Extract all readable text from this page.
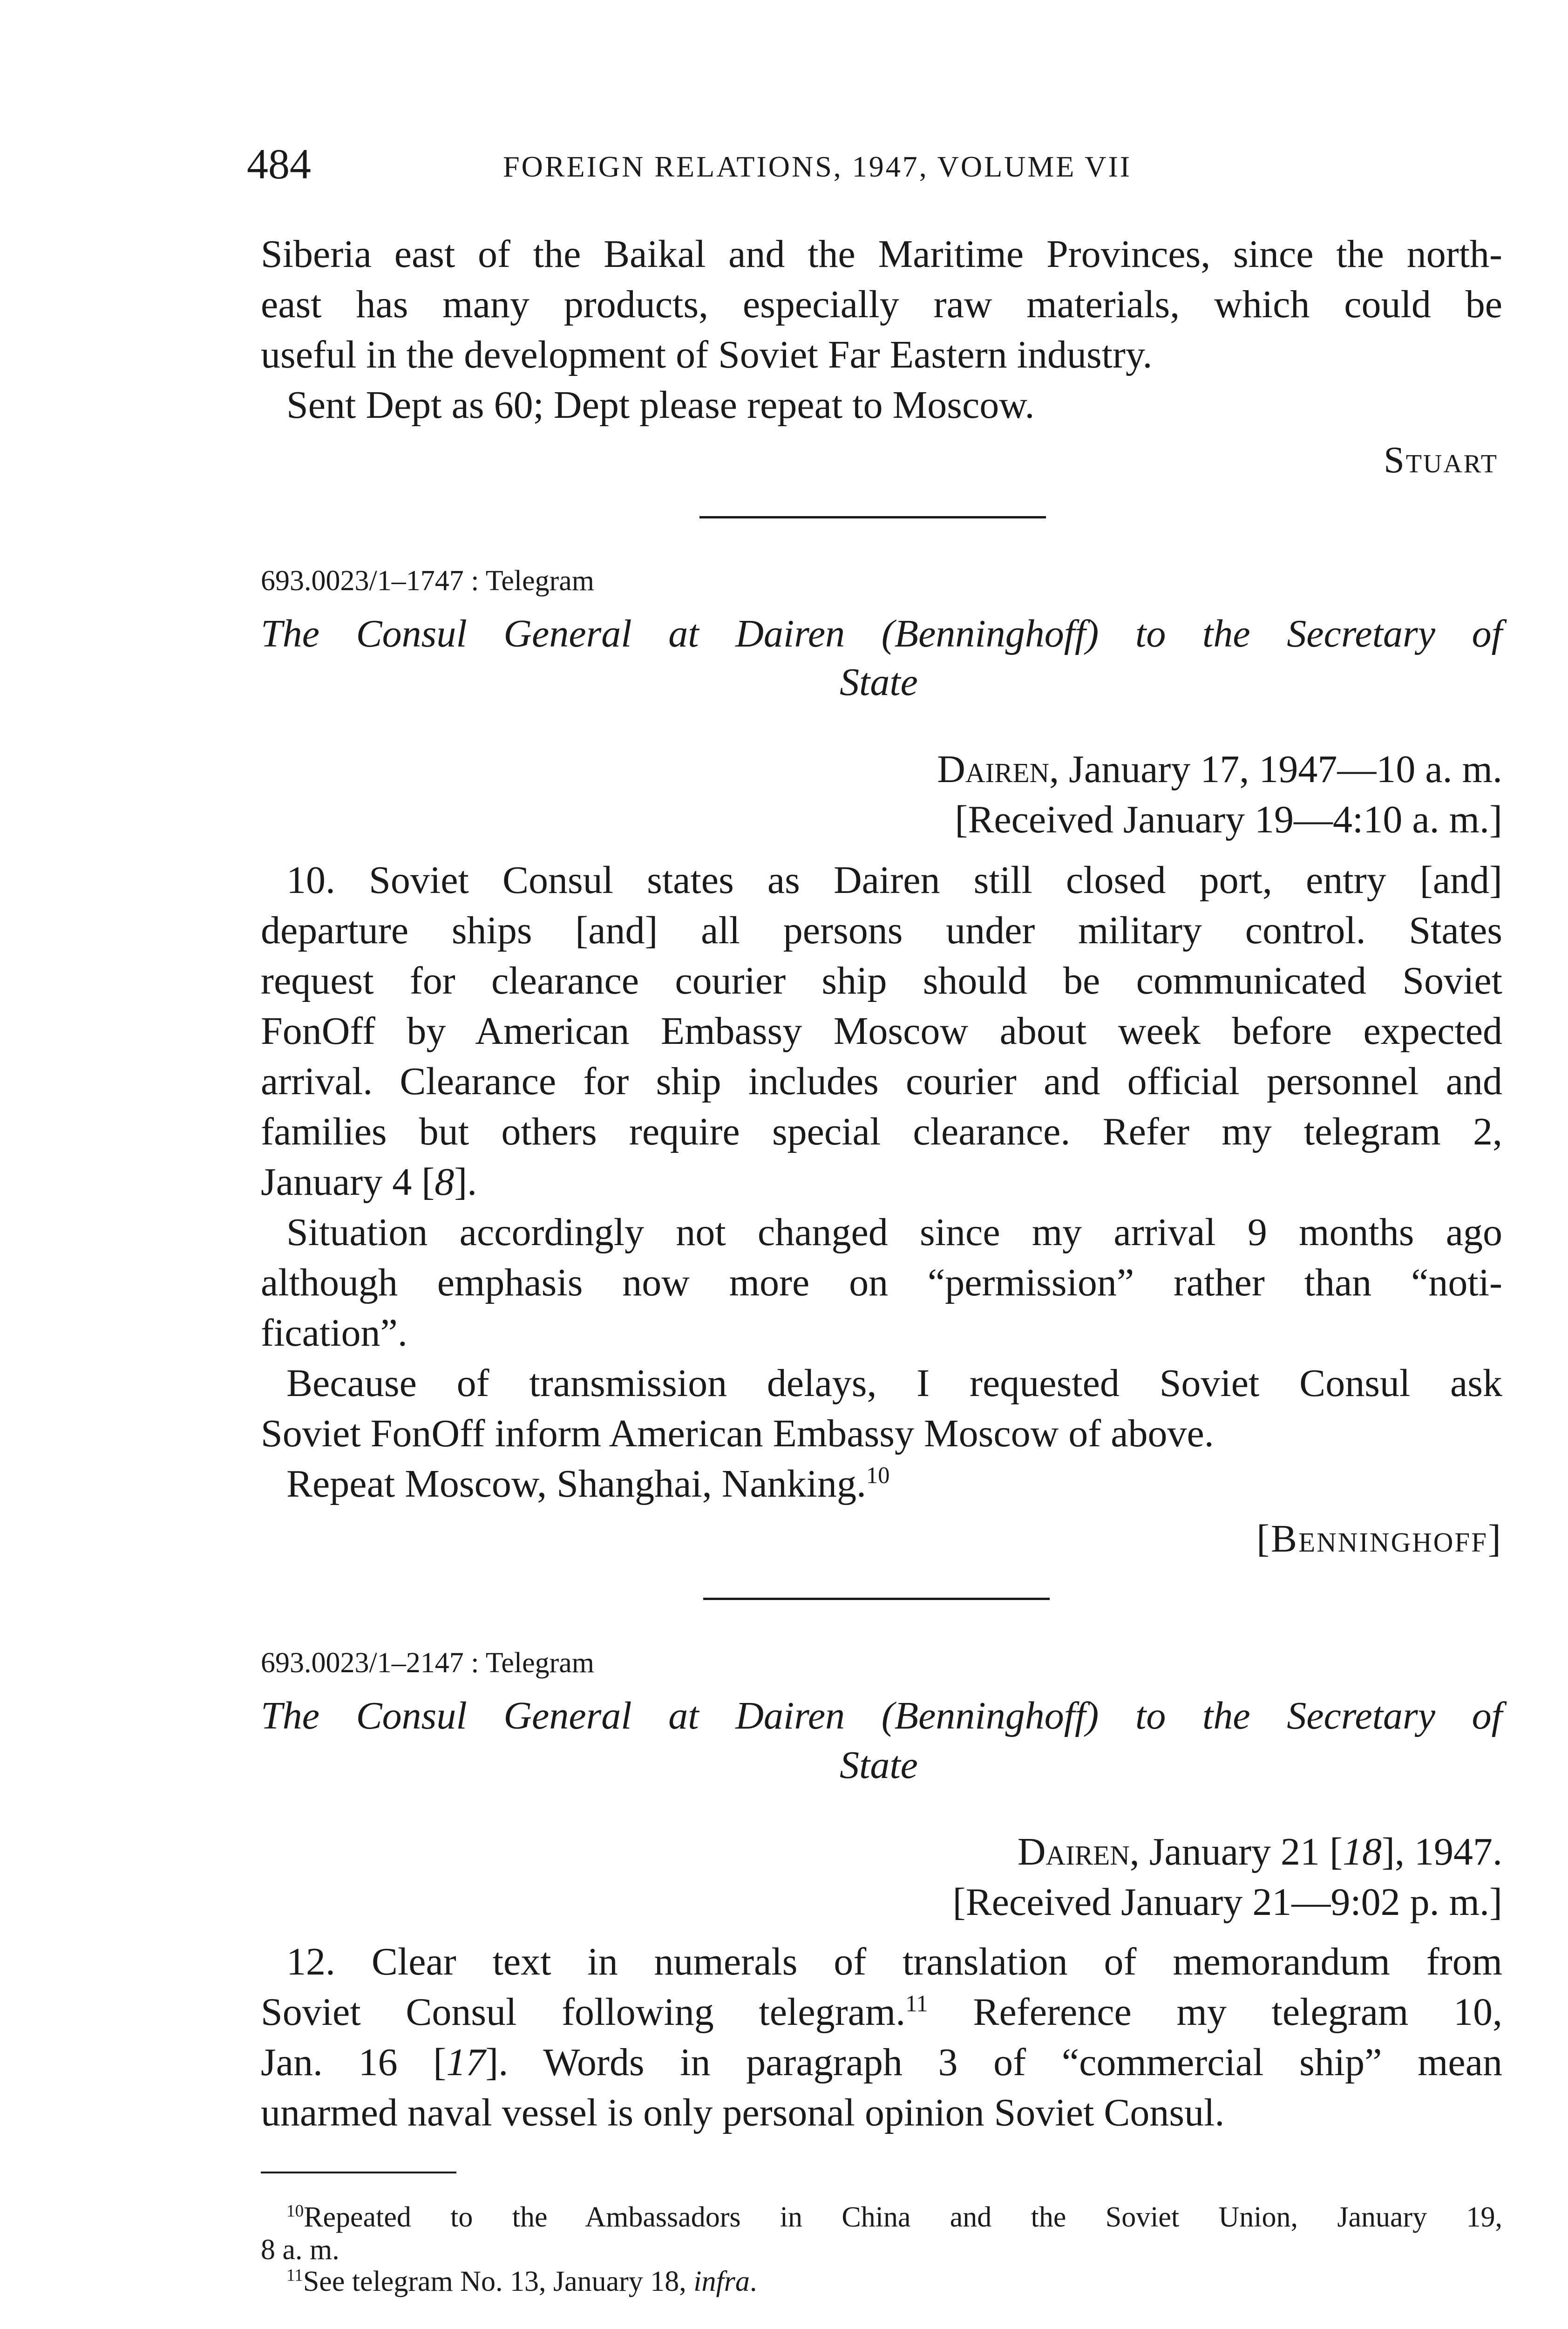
484	FOREIGN RELATIONS, 1947, VOLUME VII
Siberia east of the Baikal and the Maritime Provinces, since the north-
east has many products, especially raw materials, which could be
useful in the development of Soviet Far Eastern industry.
Sent Dept as 60; Dept please repeat to Moscow.
Stuart
693.0023/1–1747 : Telegram
The Consul General at Dairen (Benninghoff) to the Secretary of
State
Dairen, January 17, 1947—10 a. m.
[Received January 19—4:10 a. m.]
10. Soviet Consul states as Dairen still closed port, entry [and]
departure ships [and] all persons under military control. States
request for clearance courier ship should be communicated Soviet
FonOff by American Embassy Moscow about week before expected
arrival. Clearance for ship includes courier and official personnel and
families but others require special clearance. Refer my telegram 2,
January 4 [8].
Situation accordingly not changed since my arrival 9 months ago
although emphasis now more on “permission” rather than “noti-
fication”.
Because of transmission delays, I requested Soviet Consul ask
Soviet FonOff inform American Embassy Moscow of above.
Repeat Moscow, Shanghai, Nanking.$^{10}$
[Benninghoff]
693.0023/1–2147 : Telegram
The Consul General at Dairen (Benninghoff) to the Secretary of
State
Dairen, January 21 [18], 1947.
[Received January 21—9:02 p. m.]
12. Clear text in numerals of translation of memorandum from
Soviet Consul following telegram.$^{11}$ Reference my telegram 10,
Jan. 16 [17]. Words in paragraph 3 of “commercial ship” mean
unarmed naval vessel is only personal opinion Soviet Consul.
$^{10}$Repeated to the Ambassadors in China and the Soviet Union, January 19,
8 a. m.
$^{11}$See telegram No. 13, January 18, infra.
